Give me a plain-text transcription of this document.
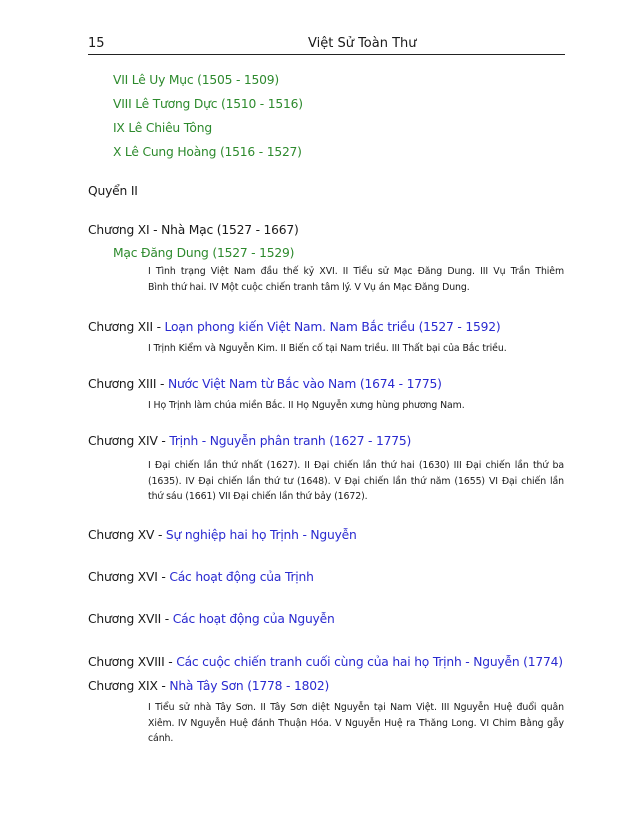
15	Việt Sử Toàn Thư
VII Lê Uy Mục (1505 - 1509)
VIII Lê Tương Dực (1510 - 1516)
IX Lê Chiêu Tông
X Lê Cung Hoàng (1516 - 1527)
Quyển II
Chương XI - Nhà Mạc (1527 - 1667)
Mạc Đăng Dung (1527 - 1529)
I Tình trạng Việt Nam đầu thế kỷ XVI. II Tiểu sử Mạc Đăng Dung. III Vụ Trần Thiêm
Bình thứ hai. IV Một cuộc chiến tranh tâm lý. V Vụ án Mạc Đăng Dung.
Chương XII - Loạn phong kiến Việt Nam. Nam Bắc triều (1527 - 1592)
I Trịnh Kiểm và Nguyễn Kim. II Biến cố tại Nam triều. III Thất bại của Bắc triều.
Chương XIII - Nước Việt Nam từ Bắc vào Nam (1674 - 1775)
I Họ Trịnh làm chúa miền Bắc. II Họ Nguyễn xưng hùng phương Nam.
Chương XIV - Trịnh - Nguyễn phân tranh (1627 - 1775)
I Đại chiến lần thứ nhất (1627). II Đại chiến lần thứ hai (1630) III Đại chiến lần thứ ba
(1635). IV Đại chiến lần thứ tư (1648). V Đại chiến lần thứ năm (1655) VI Đại chiến lần
thứ sáu (1661) VII Đại chiến lần thứ bảy (1672).
Chương XV - Sự nghiệp hai họ Trịnh - Nguyễn
Chương XVI - Các hoạt động của Trịnh
Chương XVII - Các hoạt động của Nguyễn
Chương XVIII - Các cuộc chiến tranh cuối cùng của hai họ Trịnh - Nguyễn (1774)
Chương XIX - Nhà Tây Sơn (1778 - 1802)
I Tiểu sử nhà Tây Sơn. II Tây Sơn diệt Nguyễn tại Nam Việt. III Nguyễn Huệ đuổi quân
Xiêm. IV Nguyễn Huệ đánh Thuận Hóa. V Nguyễn Huệ ra Thăng Long. VI Chim Bằng gẫy
cánh.
